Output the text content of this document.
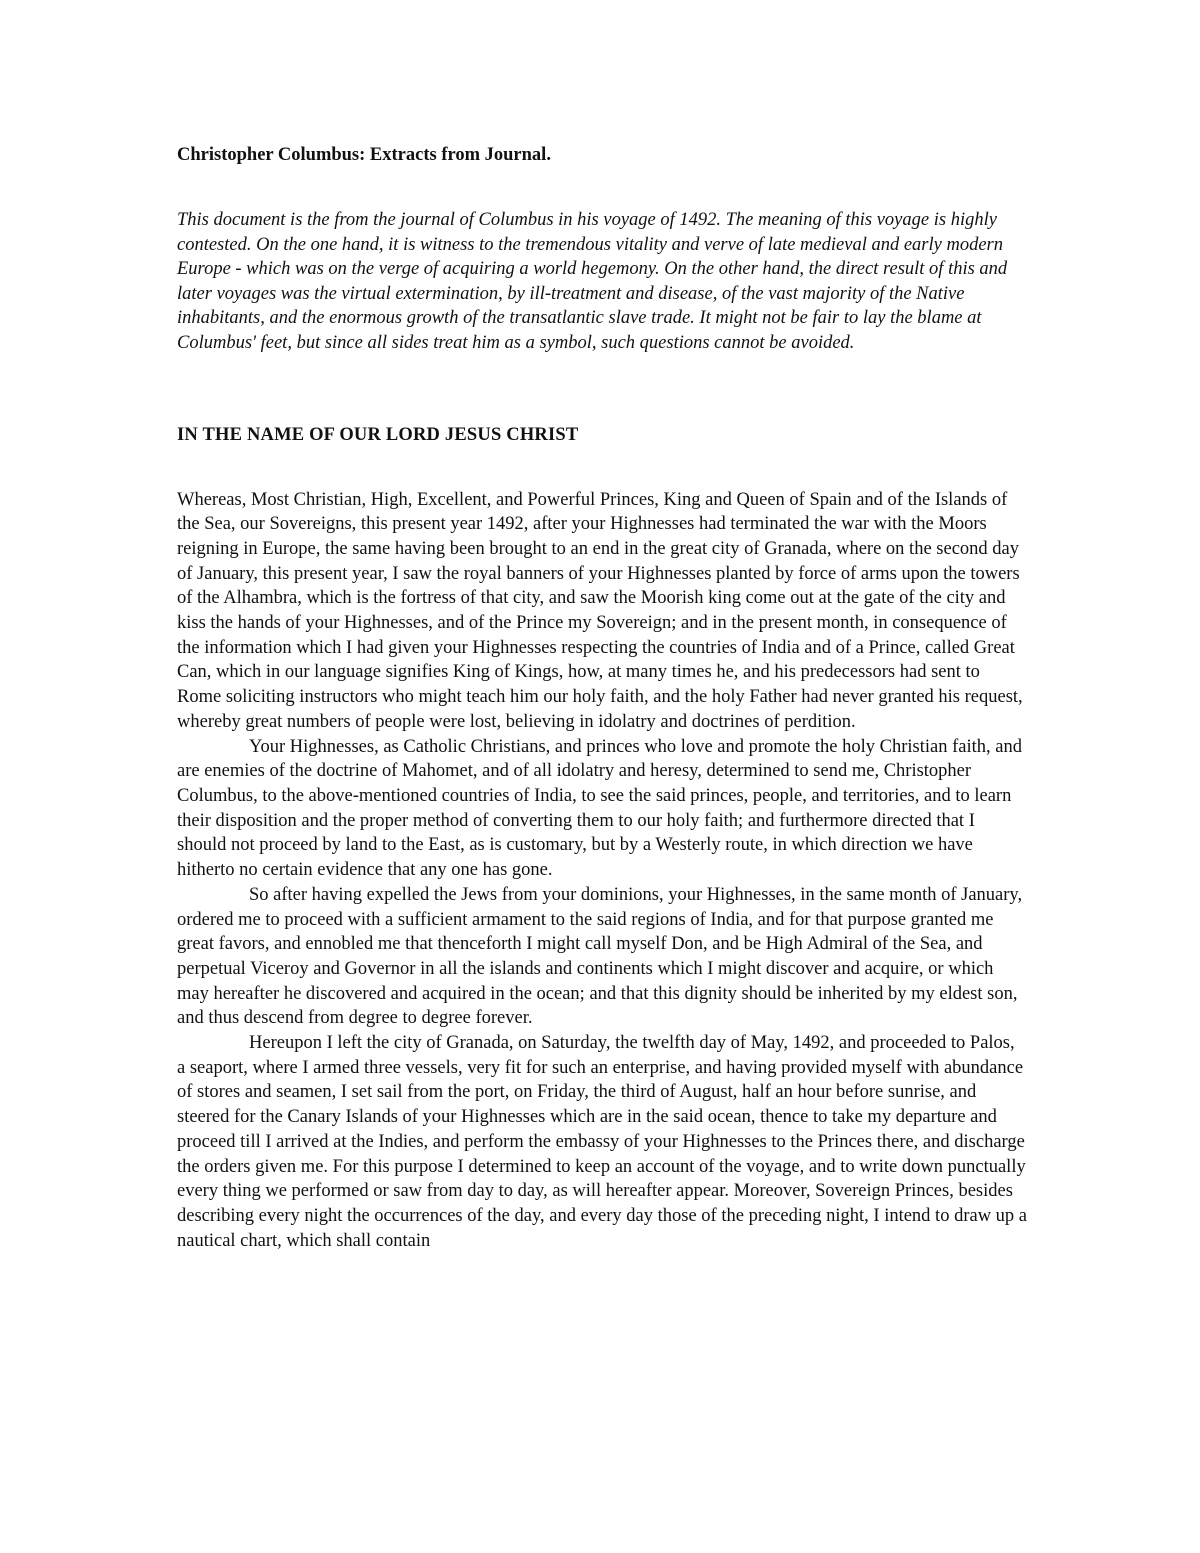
Christopher Columbus: Extracts from Journal.

This document is the from the journal of Columbus in his voyage of 1492. The meaning of this voyage is highly contested. On the one hand, it is witness to the tremendous vitality and verve of late medieval and early modern Europe - which was on the verge of acquiring a world hegemony. On the other hand, the direct result of this and later voyages was the virtual extermination, by ill-treatment and disease, of the vast majority of the Native inhabitants, and the enormous growth of the transatlantic slave trade. It might not be fair to lay the blame at Columbus' feet, but since all sides treat him as a symbol, such questions cannot be avoided.

IN THE NAME OF OUR LORD JESUS CHRIST

Whereas, Most Christian, High, Excellent, and Powerful Princes, King and Queen of Spain and of the Islands of the Sea, our Sovereigns, this present year 1492, after your Highnesses had terminated the war with the Moors reigning in Europe, the same having been brought to an end in the great city of Granada, where on the second day of January, this present year, I saw the royal banners of your Highnesses planted by force of arms upon the towers of the Alhambra, which is the fortress of that city, and saw the Moorish king come out at the gate of the city and kiss the hands of your Highnesses, and of the Prince my Sovereign; and in the present month, in consequence of the information which I had given your Highnesses respecting the countries of India and of a Prince, called Great Can, which in our language signifies King of Kings, how, at many times he, and his predecessors had sent to Rome soliciting instructors who might teach him our holy faith, and the holy Father had never granted his request, whereby great numbers of people were lost, believing in idolatry and doctrines of perdition.

Your Highnesses, as Catholic Christians, and princes who love and promote the holy Christian faith, and are enemies of the doctrine of Mahomet, and of all idolatry and heresy, determined to send me, Christopher Columbus, to the above-mentioned countries of India, to see the said princes, people, and territories, and to learn their disposition and the proper method of converting them to our holy faith; and furthermore directed that I should not proceed by land to the East, as is customary, but by a Westerly route, in which direction we have hitherto no certain evidence that any one has gone.

So after having expelled the Jews from your dominions, your Highnesses, in the same month of January, ordered me to proceed with a sufficient armament to the said regions of India, and for that purpose granted me great favors, and ennobled me that thenceforth I might call myself Don, and be High Admiral of the Sea, and perpetual Viceroy and Governor in all the islands and continents which I might discover and acquire, or which may hereafter he discovered and acquired in the ocean; and that this dignity should be inherited by my eldest son, and thus descend from degree to degree forever.

Hereupon I left the city of Granada, on Saturday, the twelfth day of May, 1492, and proceeded to Palos, a seaport, where I armed three vessels, very fit for such an enterprise, and having provided myself with abundance of stores and seamen, I set sail from the port, on Friday, the third of August, half an hour before sunrise, and steered for the Canary Islands of your Highnesses which are in the said ocean, thence to take my departure and proceed till I arrived at the Indies, and perform the embassy of your Highnesses to the Princes there, and discharge the orders given me. For this purpose I determined to keep an account of the voyage, and to write down punctually every thing we performed or saw from day to day, as will hereafter appear. Moreover, Sovereign Princes, besides describing every night the occurrences of the day, and every day those of the preceding night, I intend to draw up a nautical chart, which shall contain
